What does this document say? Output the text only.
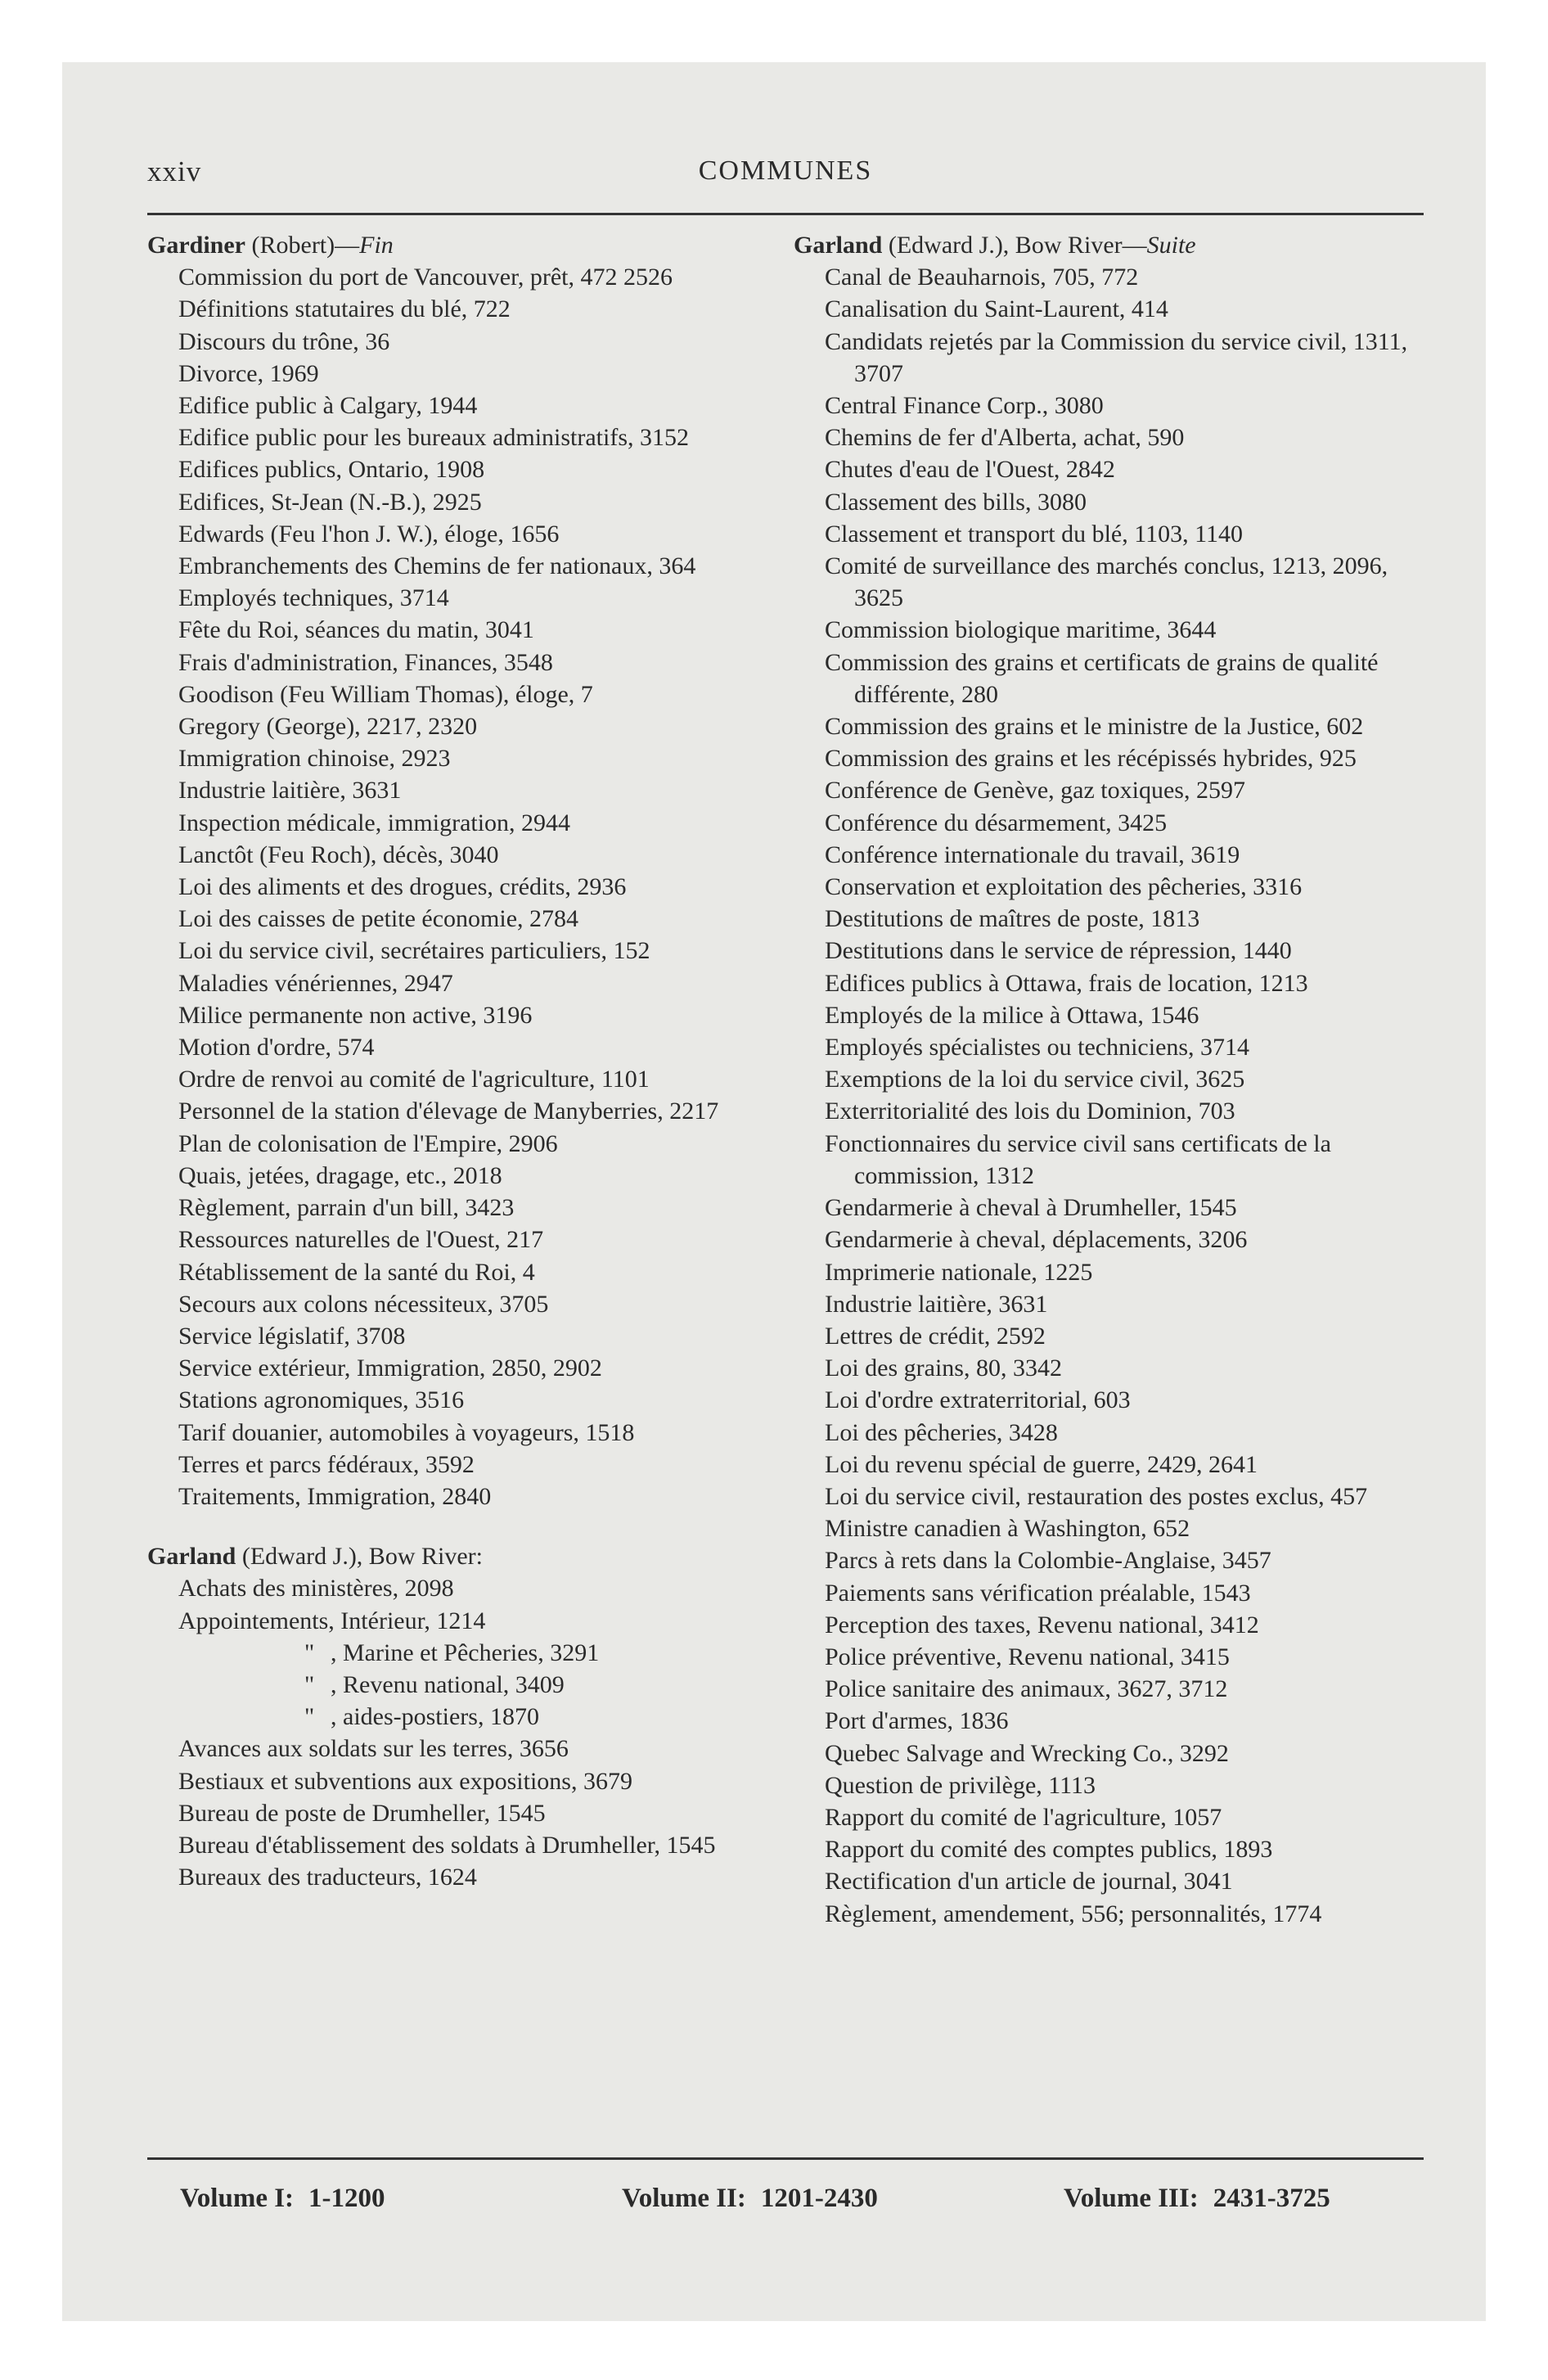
xxiv	COMMUNES
Gardiner (Robert)—Fin
Commission du port de Vancouver, prêt, 472 2526
Définitions statutaires du blé, 722
Discours du trône, 36
Divorce, 1969
Edifice public à Calgary, 1944
Edifice public pour les bureaux administratifs, 3152
Edifices publics, Ontario, 1908
Edifices, St-Jean (N.-B.), 2925
Edwards (Feu l'hon J. W.), éloge, 1656
Embranchements des Chemins de fer nationaux, 364
Employés techniques, 3714
Fête du Roi, séances du matin, 3041
Frais d'administration, Finances, 3548
Goodison (Feu William Thomas), éloge, 7
Gregory (George), 2217, 2320
Immigration chinoise, 2923
Industrie laitière, 3631
Inspection médicale, immigration, 2944
Lanctôt (Feu Roch), décès, 3040
Loi des aliments et des drogues, crédits, 2936
Loi des caisses de petite économie, 2784
Loi du service civil, secrétaires particuliers, 152
Maladies vénériennes, 2947
Milice permanente non active, 3196
Motion d'ordre, 574
Ordre de renvoi au comité de l'agriculture, 1101
Personnel de la station d'élevage de Manyberries, 2217
Plan de colonisation de l'Empire, 2906
Quais, jetées, dragage, etc., 2018
Règlement, parrain d'un bill, 3423
Ressources naturelles de l'Ouest, 217
Rétablissement de la santé du Roi, 4
Secours aux colons nécessiteux, 3705
Service législatif, 3708
Service extérieur, Immigration, 2850, 2902
Stations agronomiques, 3516
Tarif douanier, automobiles à voyageurs, 1518
Terres et parcs fédéraux, 3592
Traitements, Immigration, 2840
Garland (Edward J.), Bow River:
Achats des ministères, 2098
Appointements, Intérieur, 1214
" , Marine et Pêcheries, 3291
" , Revenu national, 3409
" , aides-postiers, 1870
Avances aux soldats sur les terres, 3656
Bestiaux et subventions aux expositions, 3679
Bureau de poste de Drumheller, 1545
Bureau d'établissement des soldats à Drumheller, 1545
Bureaux des traducteurs, 1624
Garland (Edward J.), Bow River—Suite
Canal de Beauharnois, 705, 772
Canalisation du Saint-Laurent, 414
Candidats rejetés par la Commission du service civil, 1311, 3707
Central Finance Corp., 3080
Chemins de fer d'Alberta, achat, 590
Chutes d'eau de l'Ouest, 2842
Classement des bills, 3080
Classement et transport du blé, 1103, 1140
Comité de surveillance des marchés conclus, 1213, 2096, 3625
Commission biologique maritime, 3644
Commission des grains et certificats de grains de qualité différente, 280
Commission des grains et le ministre de la Justice, 602
Commission des grains et les récépissés hybrides, 925
Conférence de Genève, gaz toxiques, 2597
Conférence du désarmement, 3425
Conférence internationale du travail, 3619
Conservation et exploitation des pêcheries, 3316
Destitutions de maîtres de poste, 1813
Destitutions dans le service de répression, 1440
Edifices publics à Ottawa, frais de location, 1213
Employés de la milice à Ottawa, 1546
Employés spécialistes ou techniciens, 3714
Exemptions de la loi du service civil, 3625
Exterritorialité des lois du Dominion, 703
Fonctionnaires du service civil sans certificats de la commission, 1312
Gendarmerie à cheval à Drumheller, 1545
Gendarmerie à cheval, déplacements, 3206
Imprimerie nationale, 1225
Industrie laitière, 3631
Lettres de crédit, 2592
Loi des grains, 80, 3342
Loi d'ordre extraterritorial, 603
Loi des pêcheries, 3428
Loi du revenu spécial de guerre, 2429, 2641
Loi du service civil, restauration des postes exclus, 457
Ministre canadien à Washington, 652
Parcs à rets dans la Colombie-Anglaise, 3457
Paiements sans vérification préalable, 1543
Perception des taxes, Revenu national, 3412
Police préventive, Revenu national, 3415
Police sanitaire des animaux, 3627, 3712
Port d'armes, 1836
Quebec Salvage and Wrecking Co., 3292
Question de privilège, 1113
Rapport du comité de l'agriculture, 1057
Rapport du comité des comptes publics, 1893
Rectification d'un article de journal, 3041
Règlement, amendement, 556; personnalités, 1774
Volume I: 1-1200	Volume II: 1201-2430	Volume III: 2431-3725
